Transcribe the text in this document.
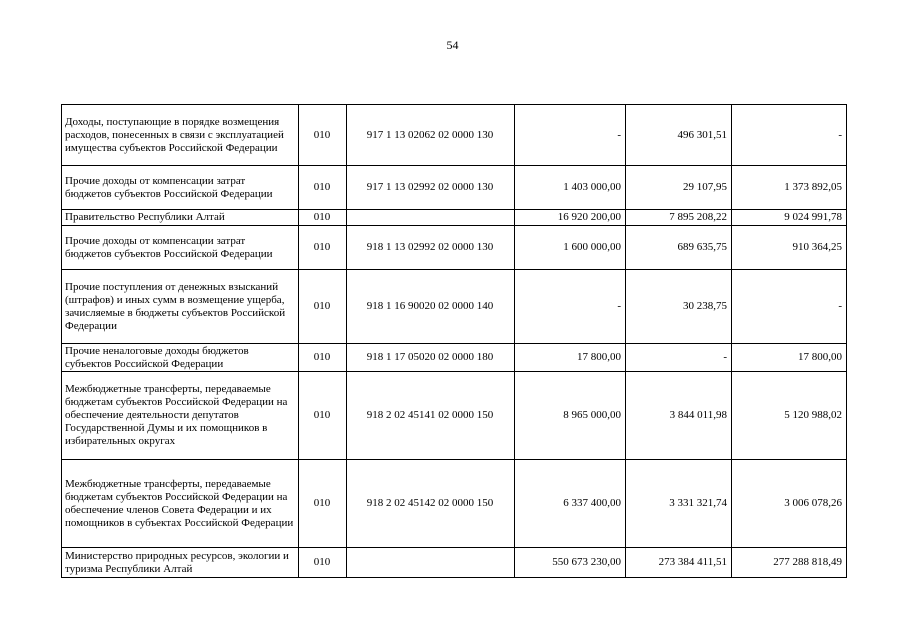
54
Доходы, поступающие в порядке возмещения расходов, понесенных в связи с эксплуатацией имущества субъектов Российской Федерации	010	917 1 13 02062 02 0000 130	-	496 301,51	-
Прочие доходы от компенсации затрат бюджетов субъектов Российской Федерации	010	917 1 13 02992 02 0000 130	1 403 000,00	29 107,95	1 373 892,05
Правительство Республики Алтай	010		16 920 200,00	7 895 208,22	9 024 991,78
Прочие доходы от компенсации затрат бюджетов субъектов Российской Федерации	010	918 1 13 02992 02 0000 130	1 600 000,00	689 635,75	910 364,25
Прочие поступления от денежных взысканий (штрафов) и иных сумм в возмещение ущерба, зачисляемые в бюджеты субъектов Российской Федерации	010	918 1 16 90020 02 0000 140	-	30 238,75	-
Прочие неналоговые доходы бюджетов субъектов Российской Федерации	010	918 1 17 05020 02 0000 180	17 800,00	-	17 800,00
Межбюджетные трансферты, передаваемые бюджетам субъектов Российской Федерации на обеспечение деятельности депутатов Государственной Думы и их помощников в избирательных округах	010	918 2 02 45141 02 0000 150	8 965 000,00	3 844 011,98	5 120 988,02
Межбюджетные трансферты, передаваемые бюджетам субъектов Российской Федерации на обеспечение членов Совета Федерации и их помощников в субъектах Российской Федерации	010	918 2 02 45142 02 0000 150	6 337 400,00	3 331 321,74	3 006 078,26
Министерство природных ресурсов, экологии и туризма Республики Алтай	010		550 673 230,00	273 384 411,51	277 288 818,49
